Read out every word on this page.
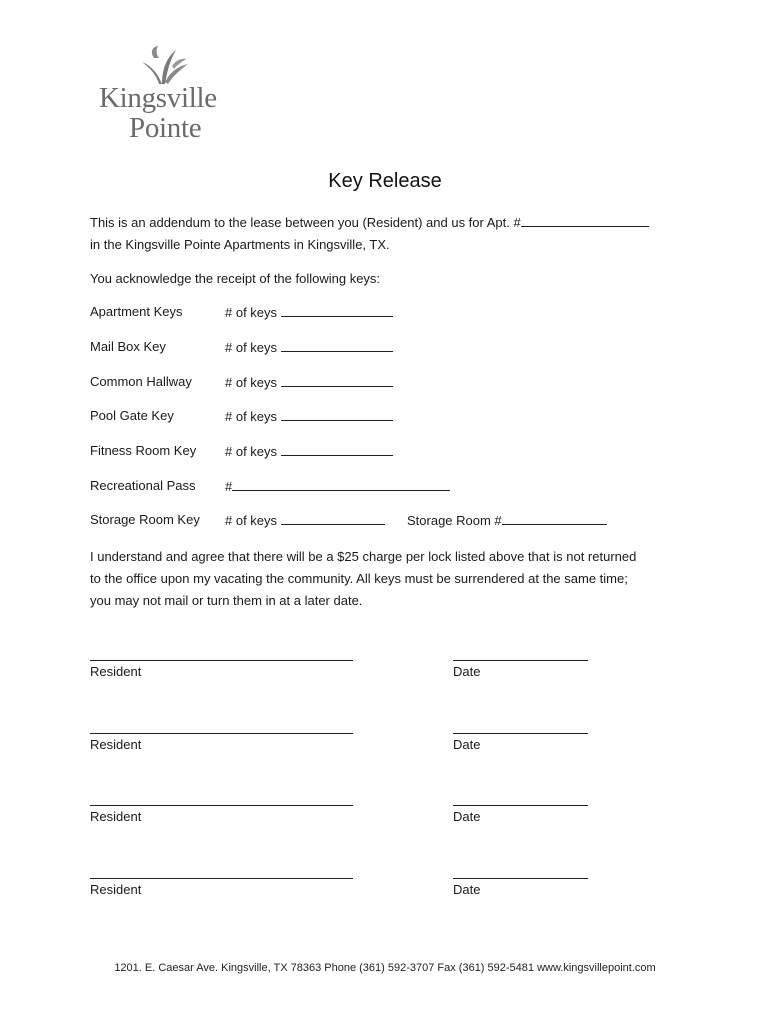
Kingsville
Pointe
Key Release
This is an addendum to the lease between you (Resident) and us for Apt. #
in the Kingsville Pointe Apartments in Kingsville, TX.
You acknowledge the receipt of the following keys:
Apartment Keys	# of keys
Mail Box Key	# of keys
Common Hallway	# of keys
Pool Gate Key	# of keys
Fitness Room Key # of keys
Recreational Pass #
Storage Room Key # of keys	Storage Room #
I understand and agree that there will be a $25 charge per lock listed above that is not returned
to the office upon my vacating the community. All keys must be surrendered at the same time;
you may not mail or turn them in at a later date.
Resident	Date
Resident	Date
Resident	Date
Resident	Date
1201. E. Caesar Ave. Kingsville, TX 78363 Phone (361) 592-3707 Fax (361) 592-5481 www.kingsvillepoint.com
